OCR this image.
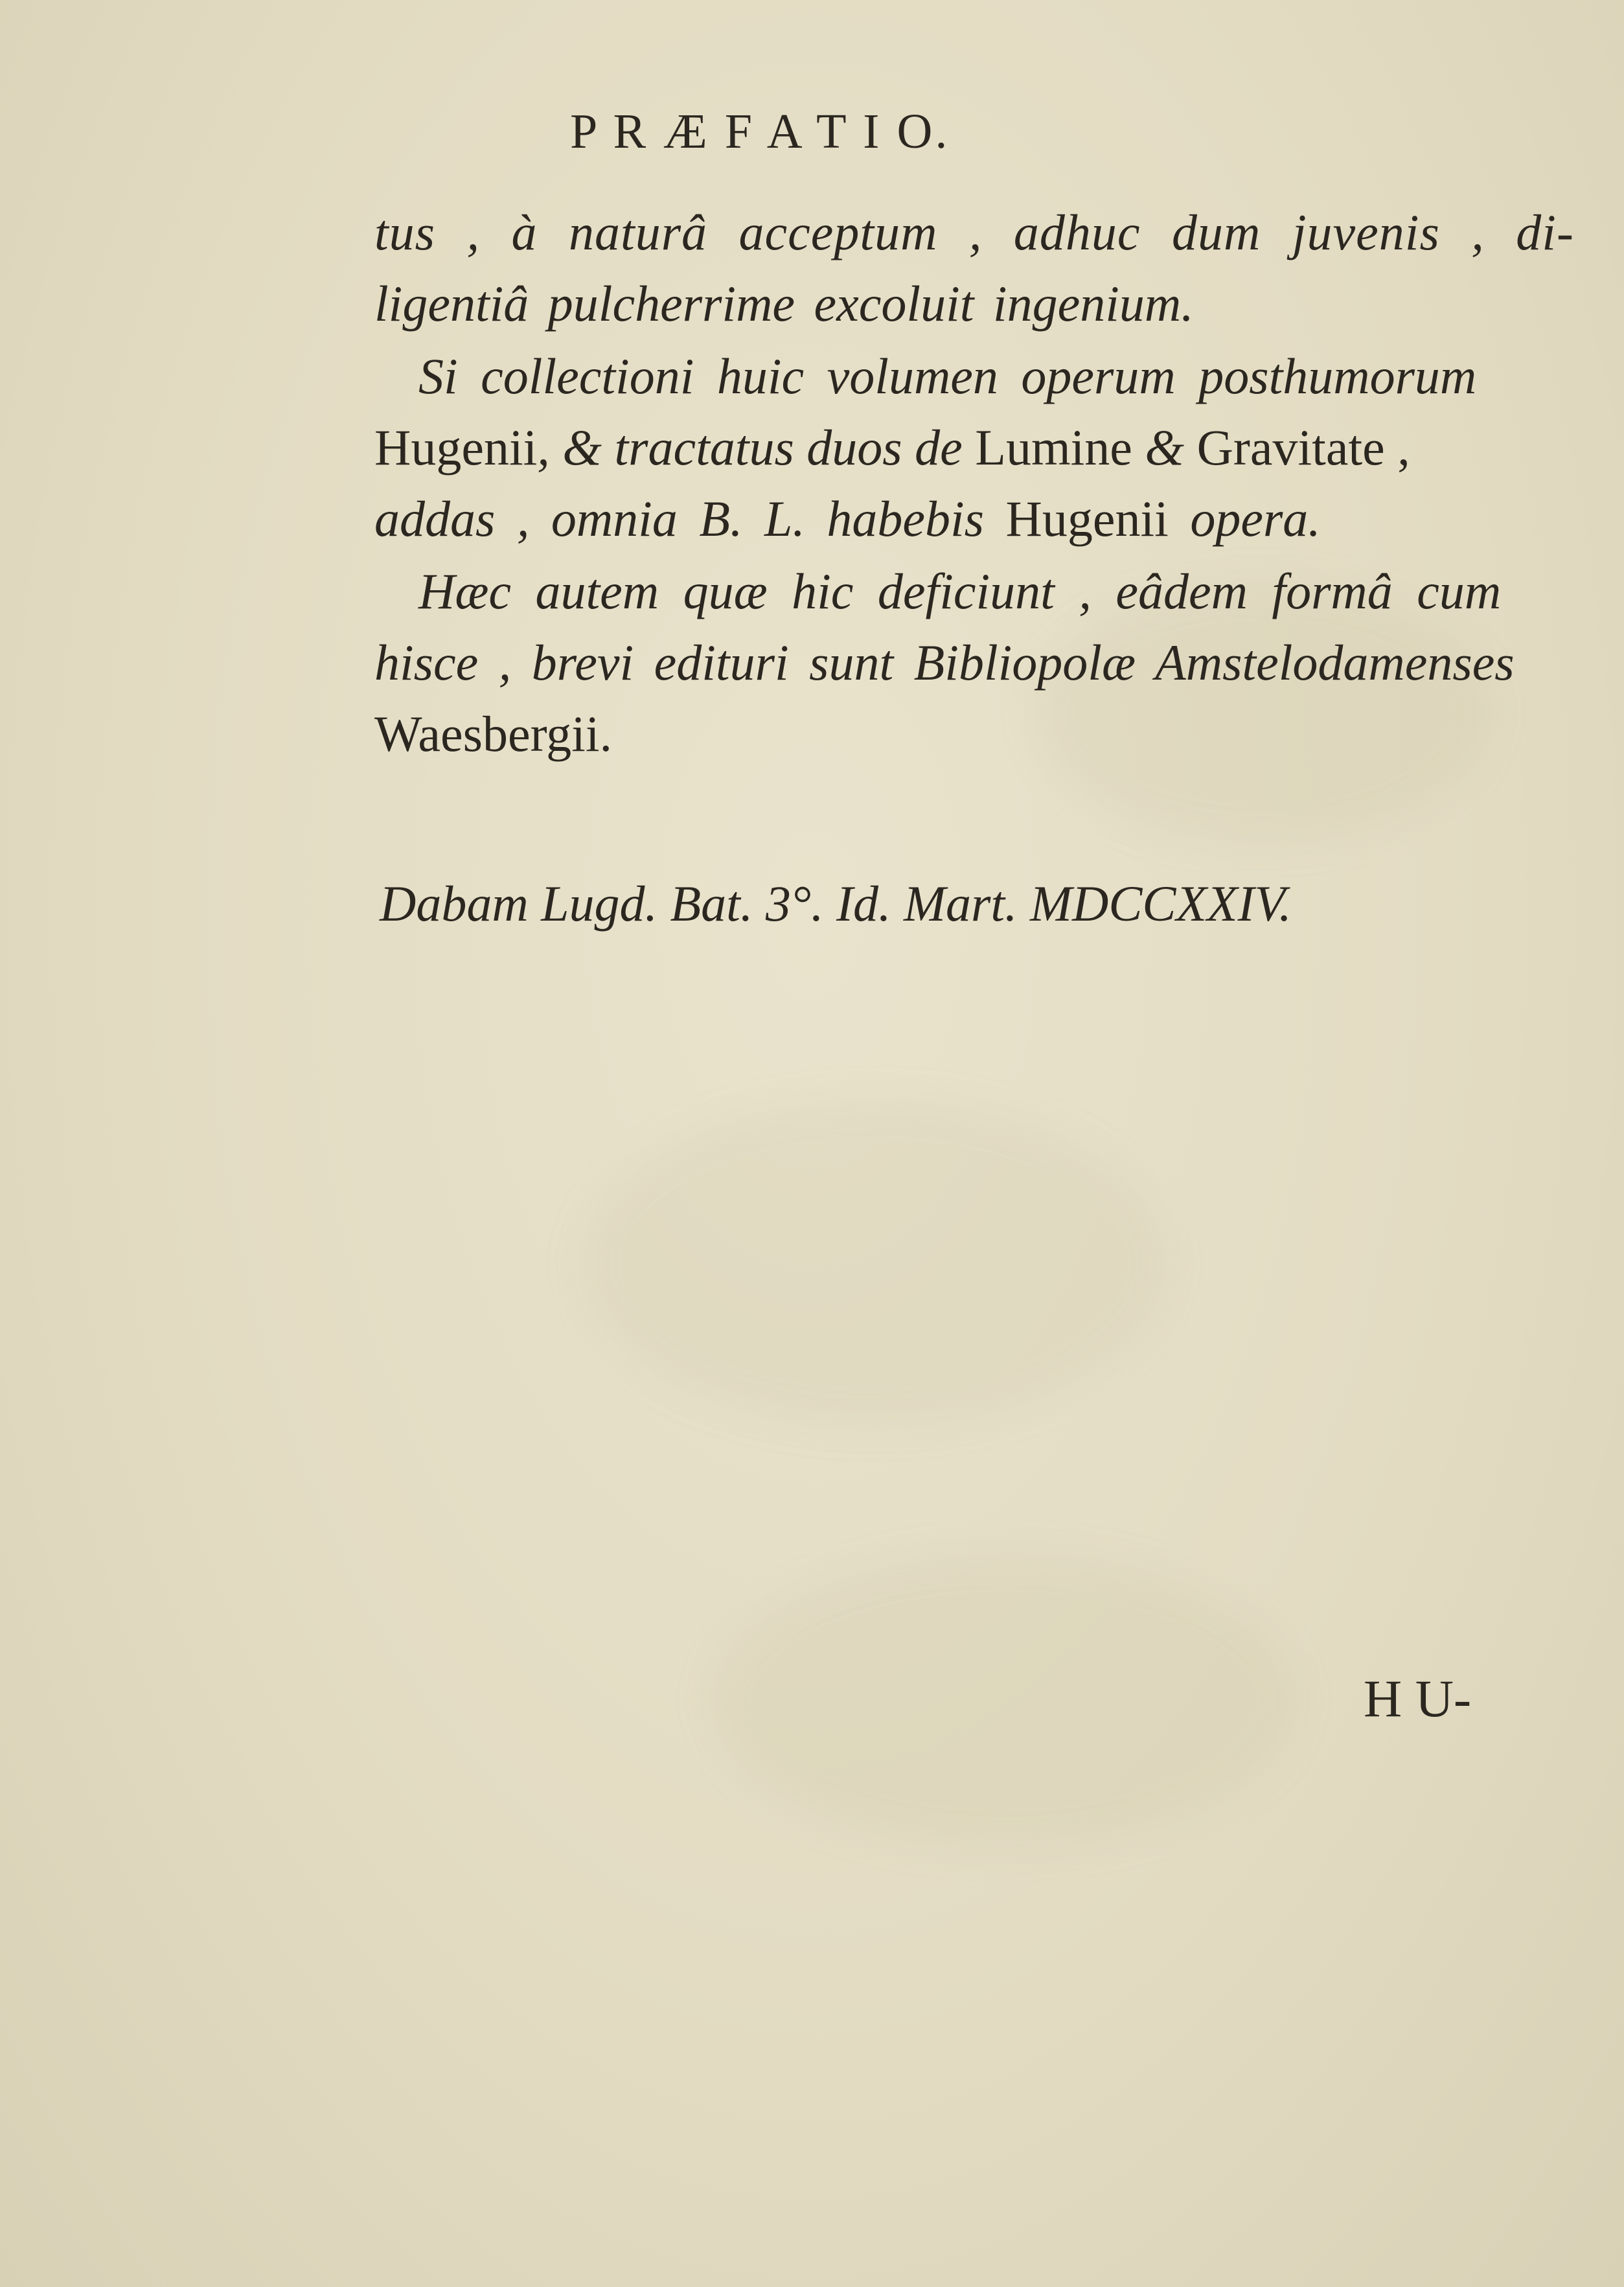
P R Æ F A T I O.
tus , à naturâ acceptum , adhuc dum juvenis , di-
ligentiâ pulcherrime excoluit ingenium.
Si collectioni huic volumen operum posthumorum
Hugenii, & tractatus duos de Lumine & Gravitate ,
addas , omnia B. L. habebis Hugenii opera.
Hæc autem quæ hic deficiunt , eâdem formâ cum
hisce , brevi edituri sunt Bibliopolæ Amstelodamenses
Waesbergii.
Dabam Lugd. Bat. 3°. Id. Mart. MDCCXXIV.
H U-
